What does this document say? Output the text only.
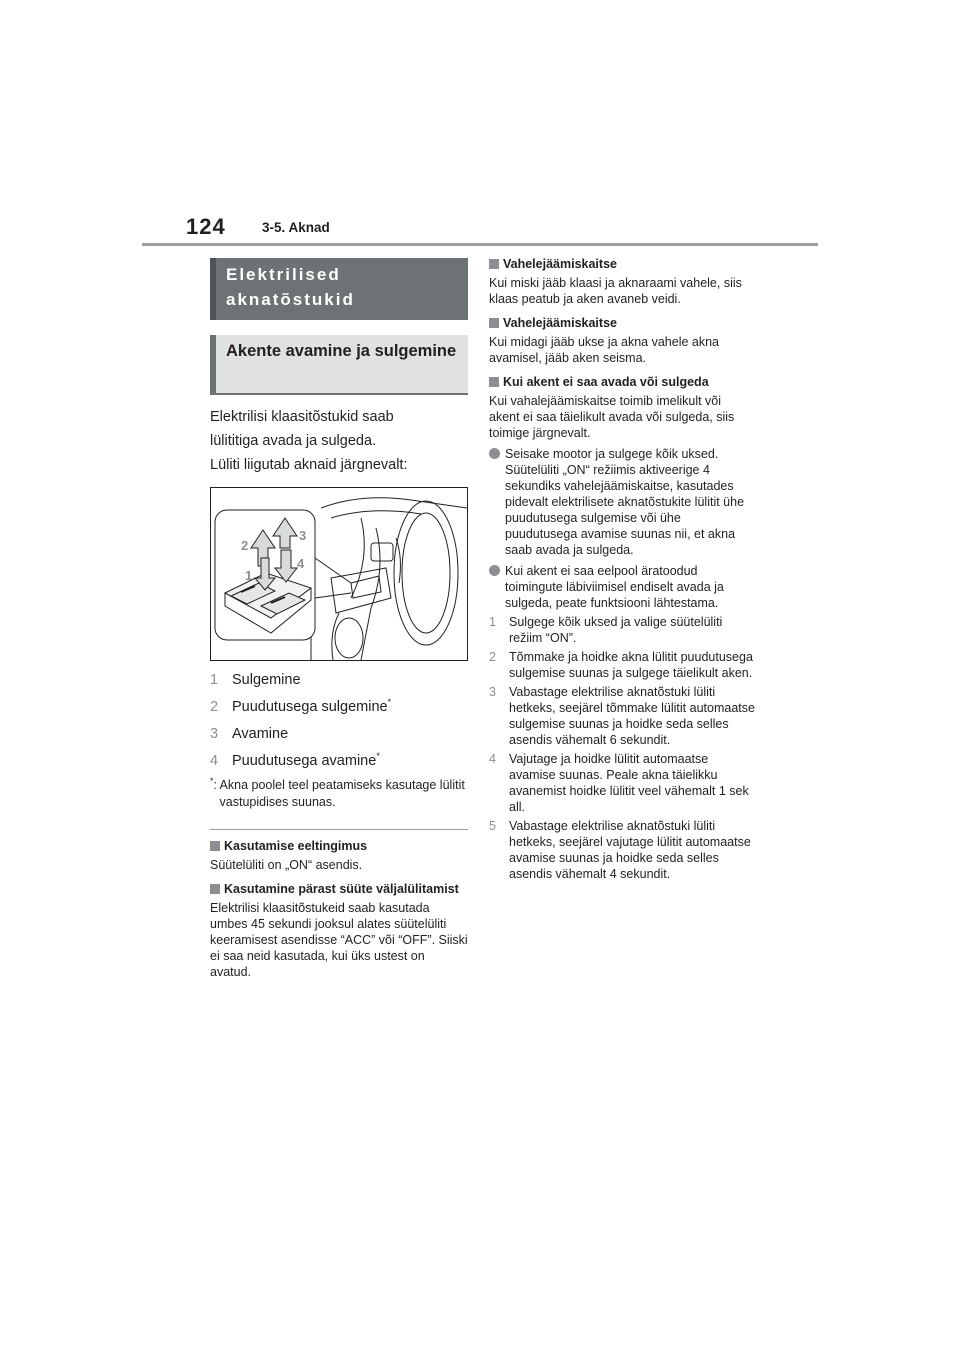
124	3-5. Aknad
Elektrilised aknatõstukid
Akente avamine ja sulgemine

Elektrilisi klaasitõstukid saab

lülititiga avada ja sulgeda.

Lüliti liigutab aknaid järgnevalt:

2
1
3
4
1 Sulgemine
2 Puudutusega sulgemine*
3 Avamine
4 Puudutusega avamine*
*: Akna poolel teel peatamiseks kasutage lülitit vastupidises suunas.
Kasutamise eeltingimus
Süütelüliti on „ON“ asendis.
Kasutamine pärast süüte väljalülitamist
Elektrilisi klaasitõstukeid saab kasutada umbes 45 sekundi jooksul alates süütelüliti keeramisest asendisse “ACC” või “OFF”. Siiski ei saa neid kasutada, kui üks ustest on avatud.
Vahelejäämiskaitse
Kui miski jääb klaasi ja aknaraami vahele, siis klaas peatub ja aken avaneb veidi.
Vahelejäämiskaitse
Kui midagi jääb ukse ja akna vahele akna avamisel, jääb aken seisma.
Kui akent ei saa avada või sulgeda
Kui vahalejäämiskaitse toimib imelikult või akent ei saa täielikult avada või sulgeda, siis toimige järgnevalt.
Seisake mootor ja sulgege kõik uksed. Süütelüliti „ON“ režiimis aktiveerige 4 sekundiks vahelejäämiskaitse, kasutades pidevalt elektrilisete aknatõstukite lülitit ühe puudutusega sulgemise või ühe puudutusega avamise suunas nii, et akna saab avada ja sulgeda.
Kui akent ei saa eelpool äratoodud toimingute läbiviimisel endiselt avada ja sulgeda, peate funktsiooni lähtestama.
1	Sulgege kõik uksed ja valige süütelüliti režiim “ON”.
2	Tõmmake ja hoidke akna lülitit puudutusega sulgemise suunas ja sulgege täielikult aken.
3	Vabastage elektrilise aknatõstuki lüliti hetkeks, seejärel tõmmake lülitit automaatse sulgemise suunas ja hoidke seda selles asendis vähemalt 6 sekundit.
4	Vajutage ja hoidke lülitit automaatse avamise suunas. Peale akna täielikku avanemist hoidke lülitit veel vähemalt 1 sek all.
5	Vabastage elektrilise aknatõstuki lüliti hetkeks, seejärel vajutage lülitit automaatse avamise suunas ja hoidke seda selles asendis vähemalt 4 sekundit.
